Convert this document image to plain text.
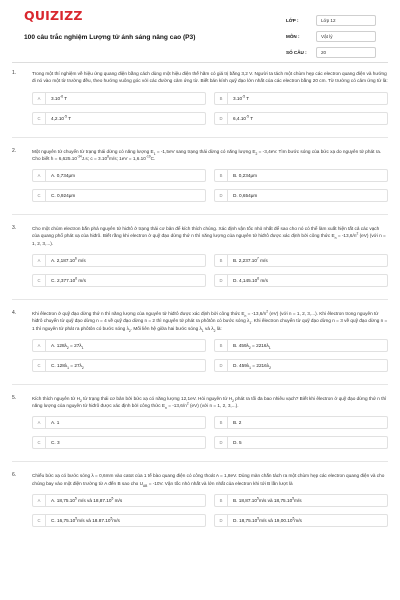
QUIZIZZ
100 câu trắc nghiệm Lượng tử ánh sáng nâng cao (P3)
LỚP :	Lớp 12
MÔN :	Vật lý
SỐ CÂU :	20
1.	Trong một thí nghiệm về hiệu ứng quang điện bằng cách dùng một hiệu điện thế hãm có giá trị bằng 3,2 V. Người ta tách một chùm hẹp các electron quang điện và hướng đi nó vào một từ trường đều, theo hướng vuông góc với các đường cảm ứng từ. Biết bán kính quỹ đạo lớn nhất của các electron bằng 20 cm. Từ trường có cảm ứng từ là:
A	$3.10^{-6}$ T	B	$3.10^{-5}$ T
C	$4,2.10^{-5}$ T	D	$6,4.10^{-5}$ T
2.	Một nguyên tử chuyển từ trạng thái dừng có năng lượng $E_1 = -1,5eV$ sang trạng thái dừng có năng lượng $E_2 = -3,4eV$. Tìm bước sóng của bức xạ do nguyên tử phát ra. Cho biết $h = 6,625.10^{-34}J.s$; $c = 3.10^8m/s$; $1eV = 1,6.10^{-19}C$.
A	A. 0,734μm	B	B. 0,234μm
C	C. 0,924μm	D	D. 0,654μm
3.	Cho một chùm electron bắn phá nguyên tử hiđrô ở trạng thái cơ bản để kích thích chúng. Xác định vận tốc nhỏ nhất để sao cho nó có thể làm xuất hiện tất cả các vạch của quang phổ phát xạ của hiđrô. Biết rằng khi electron ở quỹ đạo dừng thứ n thì năng lượng của nguyên tử hiđrô được xác định bởi công thức $E_n = -13,6/n^2$ (eV) (với n = 1, 2, 3,...).
A	A. 2,187.10$^6$ m/s	B	B. 2,237.10$^7$ m/s
C	C. 2,377.10$^6$ m/s	D	D. 4,145.10$^6$ m/s
4.	Khi êlectron ở quỹ đạo dừng thứ n thì năng lượng của nguyên tử hiđrô được xác định bởi công thức $E_n = -13,6/n^2$ (eV) (với n = 1, 2, 3,...). Khi êlectron trong nguyên tử hiđrô chuyển từ quỹ đạo dừng n = 4 về quỹ đạo dừng n = 2 thì nguyên tử phát ra phôtôn có bước sóng $\lambda_1$. Khi êlectron chuyển từ quỹ đạo dừng n = 3 về quỹ đạo dừng n = 1 thì nguyên tử phát ra phôtôn có bước sóng $\lambda_2$. Mối liên hệ giữa hai bước sóng $\lambda_1$ và $\lambda_2$ là:
A	A. $128\lambda_2 = 27\lambda_1$	B	B. $459\lambda_2 = 2216\lambda_1$
C	C. $128\lambda_1 = 27\lambda_2$	D	D. $459\lambda_1 = 2216\lambda_2$
5.	Kích thích nguyên tử $H_2$ từ trạng thái cơ bản bởi bức xạ có năng lượng 12,1eV. Hỏi nguyên tử $H_2$ phát ra tối đa bao nhiêu vạch? Biết khi êlectron ở quỹ đạo dừng thứ n thì năng lượng của nguyên tử hiđrô được xác định bởi công thức $E_n = -13,6/n^2$ (eV) (với n = 1, 2, 3,...).
A	A. 1	B	B. 2
C	C. 3	D	D. 5
6.	Chiếu bức xạ có bước sóng λ = 0,6mm vào catot của 1 tế bào quang điện có công thoát A = 1,8eV. Dùng màn chắn tách ra một chùm hẹp các electron quang điện và cho chúng bay vào một điện trường từ A đến B sao cho $U_{AB} = -10V$. Vận tốc nhỏ nhất và lớn nhất của electron khi tới B lần lượt là
A	A. 18,75.10$^5$ m/s và 18,87.10$^5$ m/s	B	B. 18,87.10$^5$m/s và 18,75.10$^5$m/s
C	C. 16,75.10$^5$m/s và 18.87.10$^5$m/s	D	D. 18,75.10$^5$m/s và 19,00.10$^5$m/s
